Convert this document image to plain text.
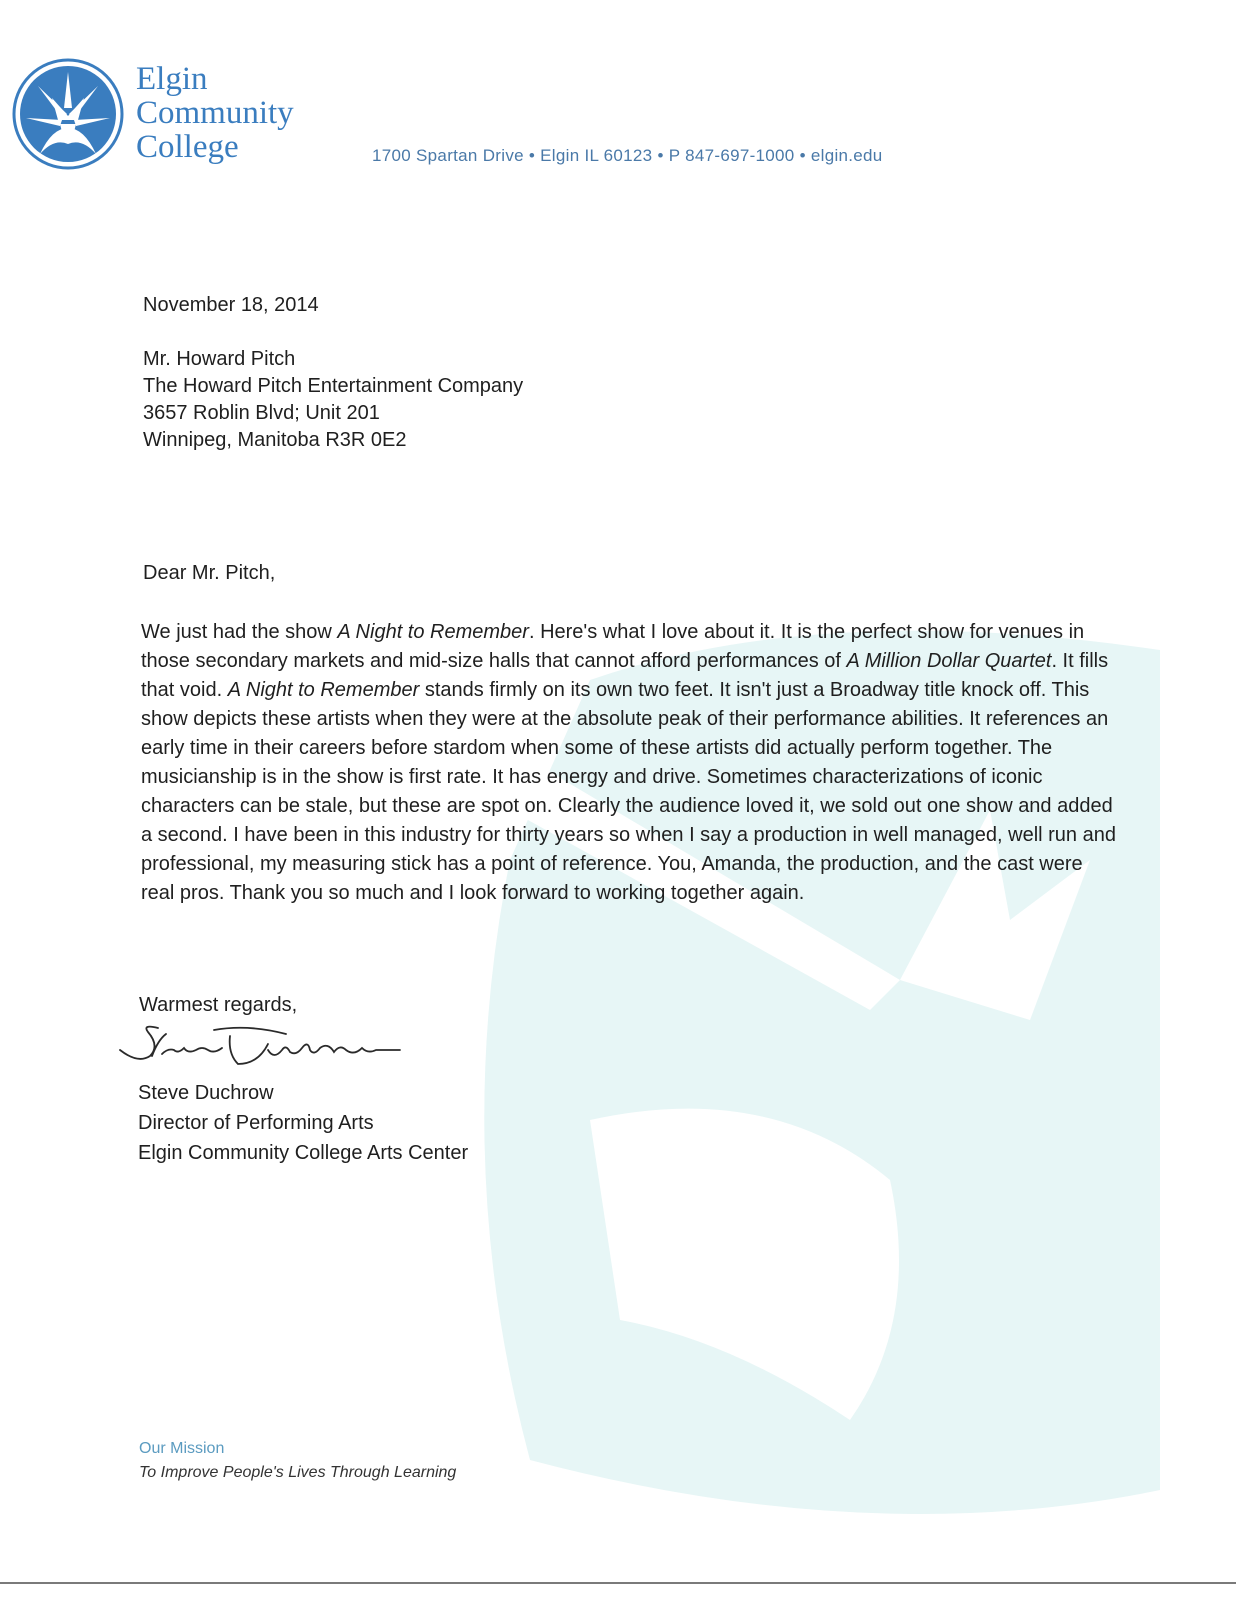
Elgin
Community
College	1700 Spartan Drive • Elgin IL 60123 • P 847-697-1000 • elgin.edu
November 18, 2014
Mr. Howard Pitch
The Howard Pitch Entertainment Company
3657 Roblin Blvd; Unit 201
Winnipeg, Manitoba R3R 0E2
Dear Mr. Pitch,

We just had the show A Night to Remember. Here's what I love about it. It is the perfect show for venues in those secondary markets and mid-size halls that cannot afford performances of A Million Dollar Quartet. It fills that void. A Night to Remember stands firmly on its own two feet. It isn't just a Broadway title knock off. This show depicts these artists when they were at the absolute peak of their performance abilities. It references an early time in their careers before stardom when some of these artists did actually perform together. The musicianship is in the show is first rate. It has energy and drive. Sometimes characterizations of iconic characters can be stale, but these are spot on. Clearly the audience loved it, we sold out one show and added a second. I have been in this industry for thirty years so when I say a production in well managed, well run and professional, my measuring stick has a point of reference. You, Amanda, the production, and the cast were real pros. Thank you so much and I look forward to working together again.

Warmest regards,
Steve Duchrow
Director of Performing Arts
Elgin Community College Arts Center
Our Mission
To Improve People's Lives Through Learning
